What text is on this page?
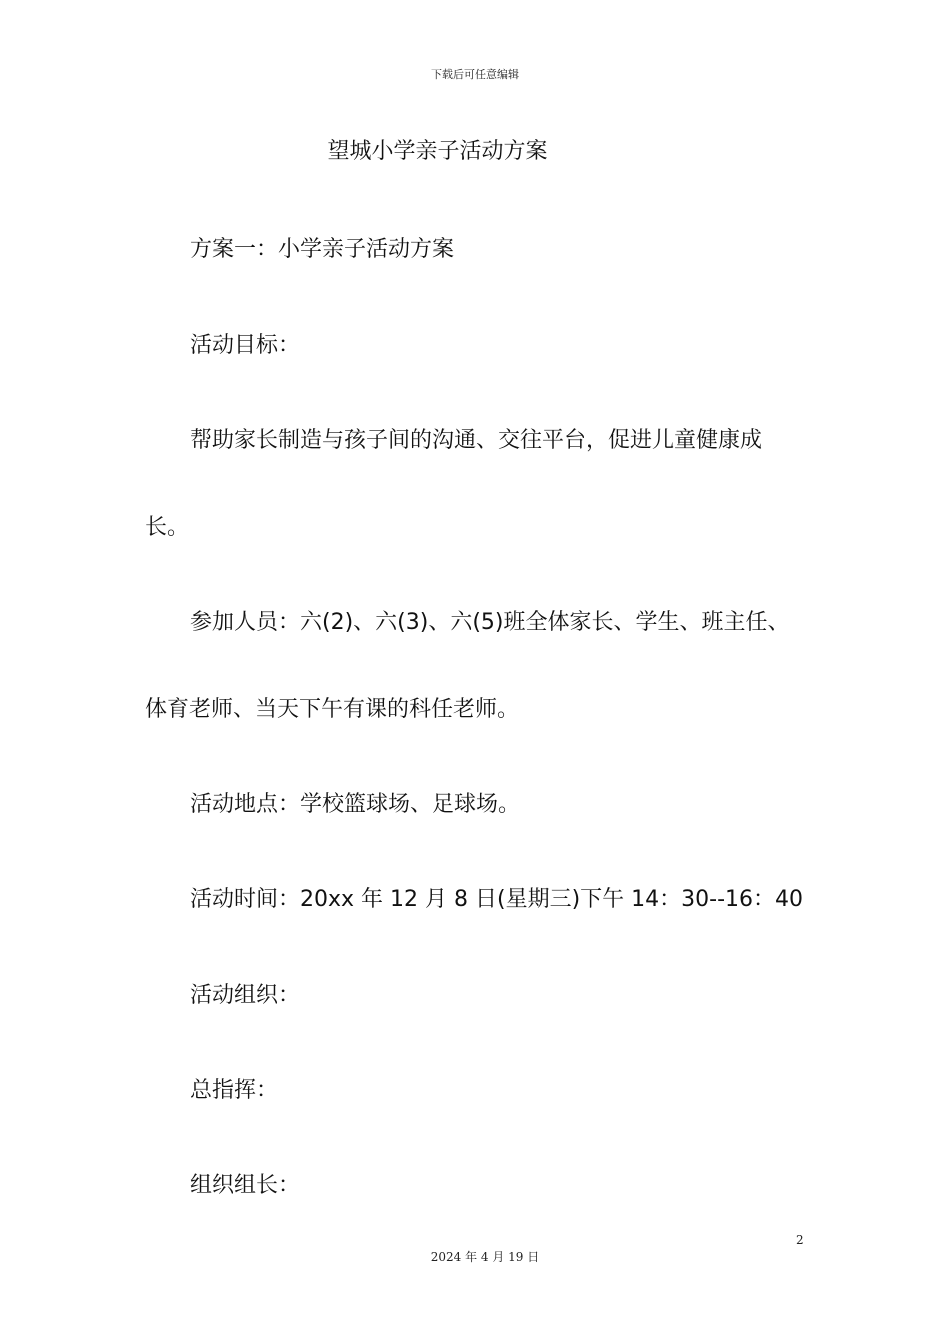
下载后可任意编辑
望城小学亲子活动方案
方案一：小学亲子活动方案
活动目标：
帮助家长制造与孩子间的沟通、交往平台，促进儿童健康成
长。
参加人员：六(2)、六(3)、六(5)班全体家长、学生、班主任、
体育老师、当天下午有课的科任老师。
活动地点：学校篮球场、足球场。
活动时间：20xx 年 12 月 8 日(星期三)下午 14：30--16：40
活动组织：
总指挥：
组织组长：
2
2024 年 4 月 19 日
